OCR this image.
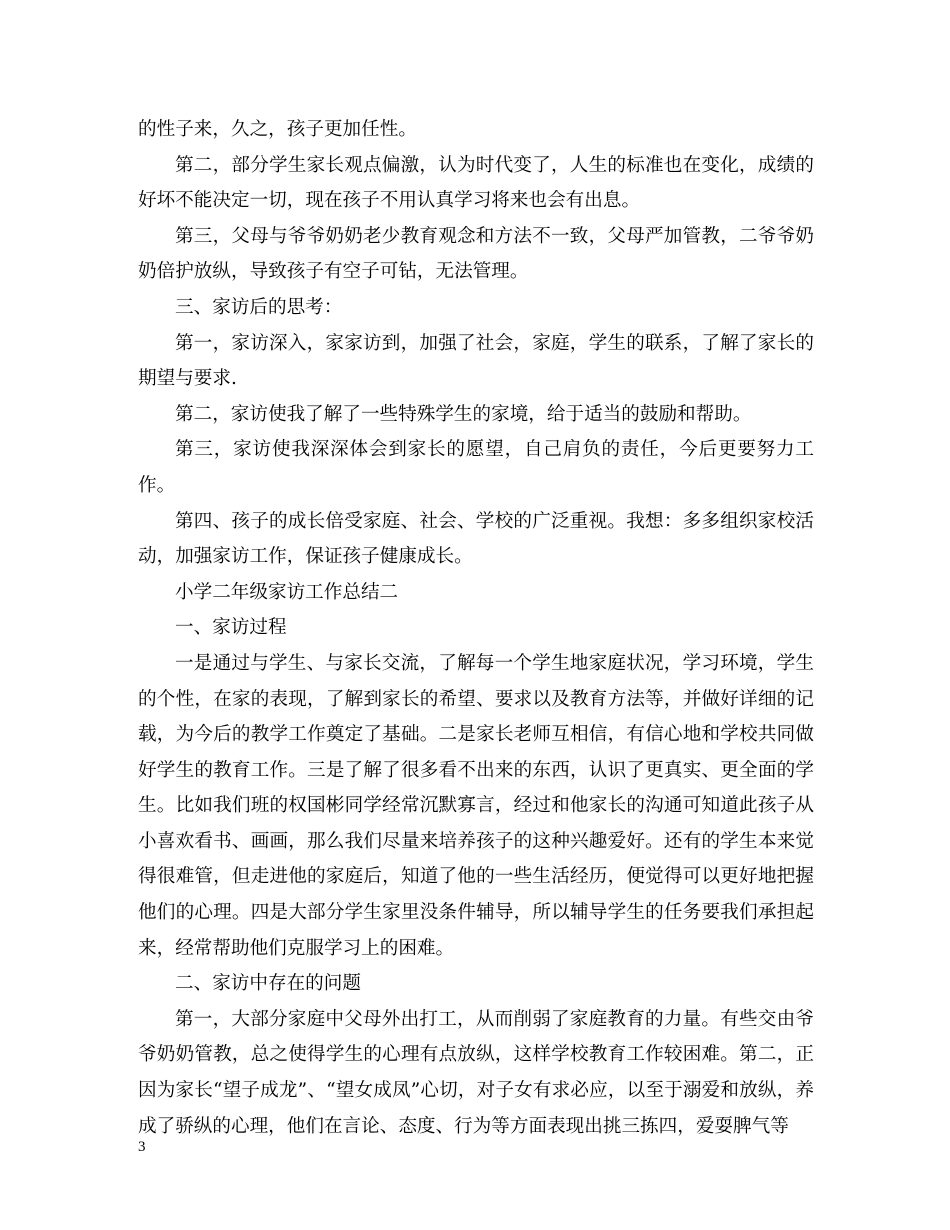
的性子来，久之，孩子更加任性。

第二，部分学生家长观点偏激，认为时代变了，人生的标准也在变化，成绩的好坏不能决定一切，现在孩子不用认真学习将来也会有出息。

第三，父母与爷爷奶奶老少教育观念和方法不一致，父母严加管教，二爷爷奶奶倍护放纵，导致孩子有空子可钻，无法管理。

三、家访后的思考：

第一，家访深入，家家访到，加强了社会，家庭，学生的联系，了解了家长的期望与要求.

第二，家访使我了解了一些特殊学生的家境，给于适当的鼓励和帮助。

第三，家访使我深深体会到家长的愿望，自己肩负的责任，今后更要努力工作。

第四、孩子的成长倍受家庭、社会、学校的广泛重视。我想：多多组织家校活动，加强家访工作，保证孩子健康成长。

小学二年级家访工作总结二

一、家访过程

一是通过与学生、与家长交流，了解每一个学生地家庭状况，学习环境，学生的个性，在家的表现，了解到家长的希望、要求以及教育方法等，并做好详细的记载，为今后的教学工作奠定了基础。二是家长老师互相信，有信心地和学校共同做好学生的教育工作。三是了解了很多看不出来的东西，认识了更真实、更全面的学生。比如我们班的权国彬同学经常沉默寡言，经过和他家长的沟通可知道此孩子从小喜欢看书、画画，那么我们尽量来培养孩子的这种兴趣爱好。还有的学生本来觉得很难管，但走进他的家庭后，知道了他的一些生活经历，便觉得可以更好地把握他们的心理。四是大部分学生家里没条件辅导，所以辅导学生的任务要我们承担起来，经常帮助他们克服学习上的困难。

二、家访中存在的问题

第一，大部分家庭中父母外出打工，从而削弱了家庭教育的力量。有些交由爷爷奶奶管教，总之使得学生的心理有点放纵，这样学校教育工作较困难。第二，正因为家长“望子成龙”、“望女成凤”心切，对子女有求必应，以至于溺爱和放纵，养成了骄纵的心理，他们在言论、态度、行为等方面表现出挑三拣四，爱耍脾气等

3
